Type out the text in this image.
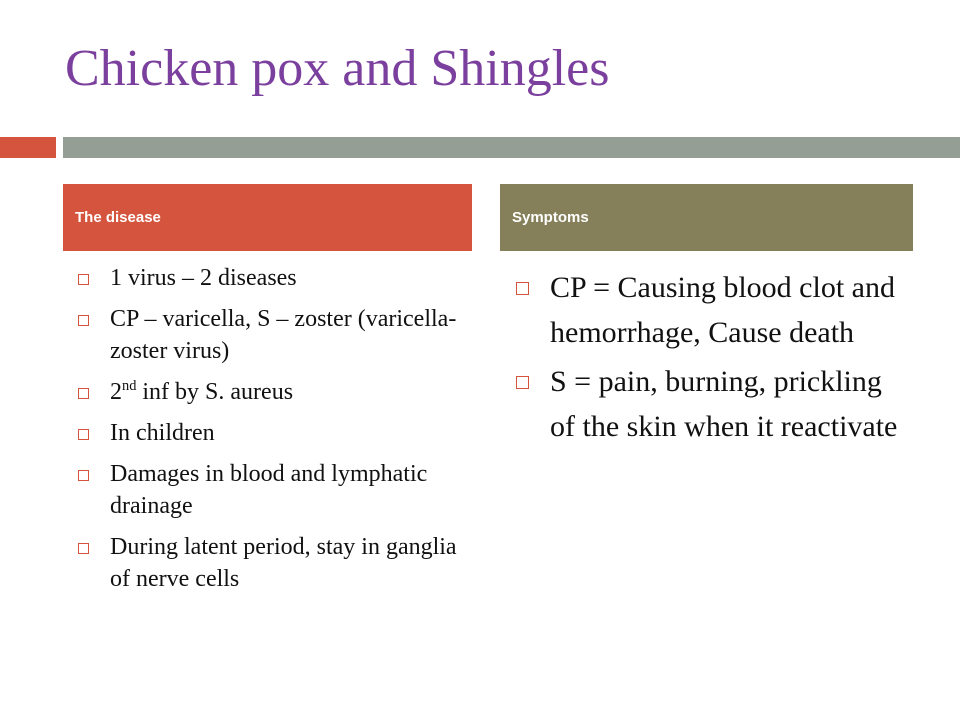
Chicken pox and Shingles
The disease	Symptoms
1 virus – 2 diseases
CP – varicella, S – zoster (varicella-zoster virus)
2nd inf by S. aureus
In children
Damages in blood and lymphatic drainage
During latent period, stay in ganglia of nerve cells
CP = Causing blood clot and hemorrhage, Cause death
S = pain, burning, prickling of the skin when it reactivate
